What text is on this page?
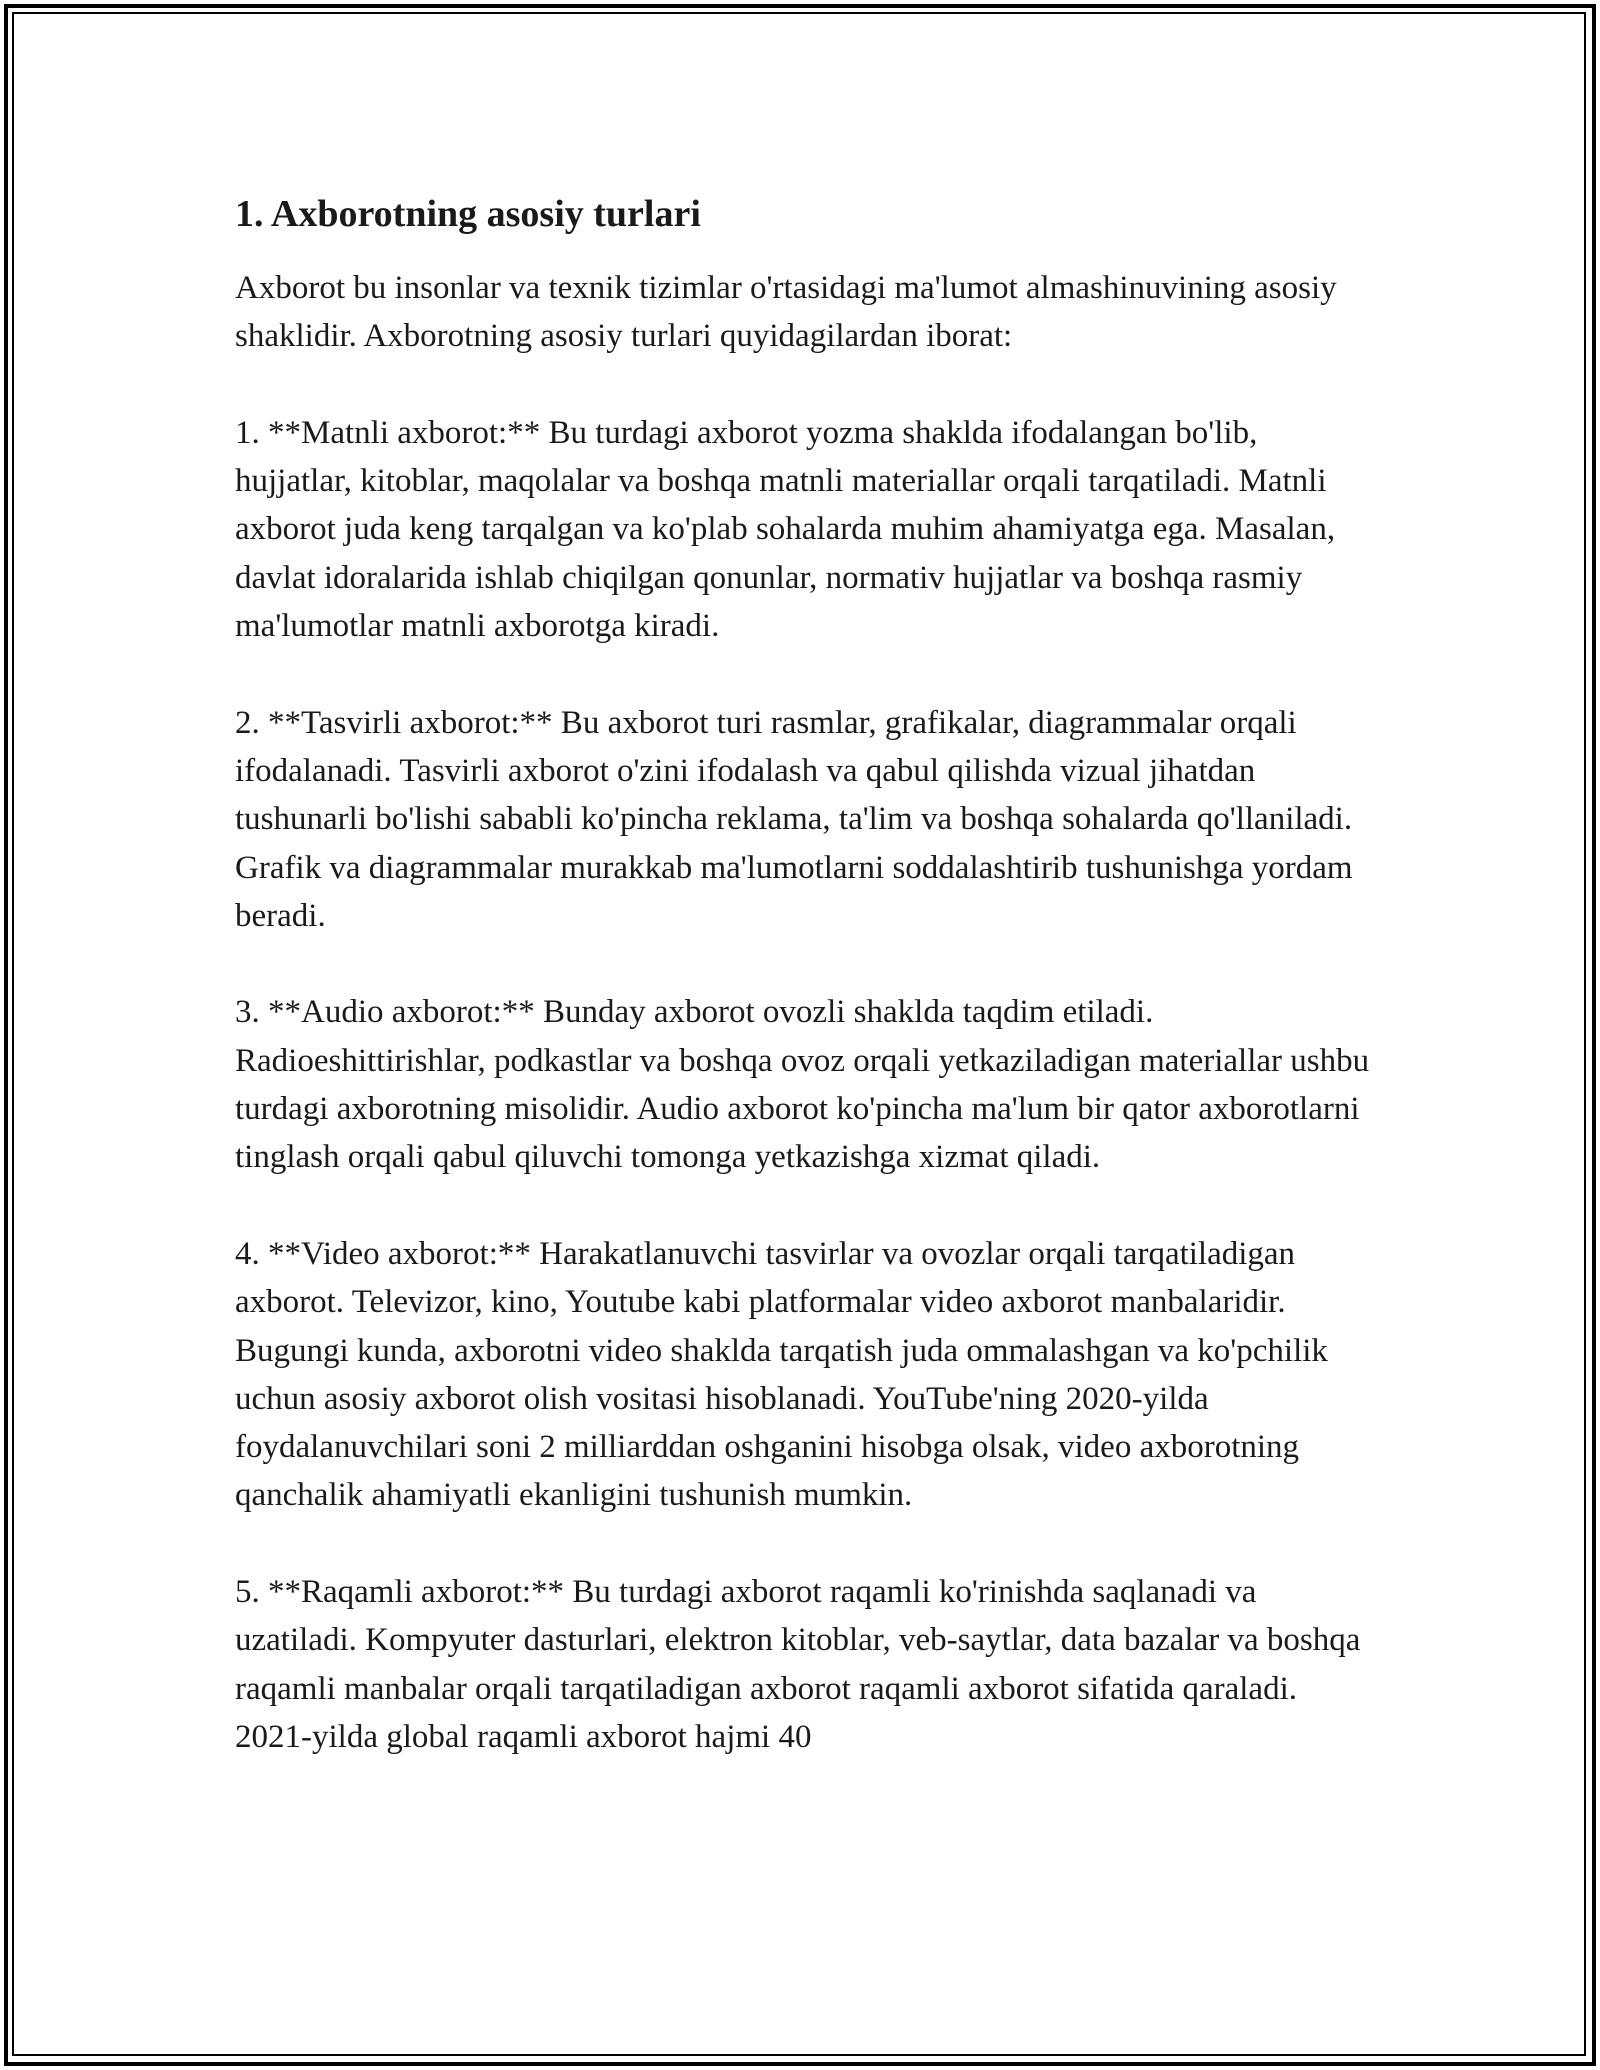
1. Axborotning asosiy turlari

Axborot bu insonlar va texnik tizimlar o'rtasidagi ma'lumot almashinuvining asosiy shaklidir. Axborotning asosiy turlari quyidagilardan iborat:

1. **Matnli axborot:** Bu turdagi axborot yozma shaklda ifodalangan bo'lib, hujjatlar, kitoblar, maqolalar va boshqa matnli materiallar orqali tarqatiladi. Matnli axborot juda keng tarqalgan va ko'plab sohalarda muhim ahamiyatga ega. Masalan, davlat idoralarida ishlab chiqilgan qonunlar, normativ hujjatlar va boshqa rasmiy ma'lumotlar matnli axborotga kiradi.

2. **Tasvirli axborot:** Bu axborot turi rasmlar, grafikalar, diagrammalar orqali ifodalanadi. Tasvirli axborot o'zini ifodalash va qabul qilishda vizual jihatdan tushunarli bo'lishi sababli ko'pincha reklama, ta'lim va boshqa sohalarda qo'llaniladi. Grafik va diagrammalar murakkab ma'lumotlarni soddalashtirib tushunishga yordam beradi.

3. **Audio axborot:** Bunday axborot ovozli shaklda taqdim etiladi. Radioeshittirishlar, podkastlar va boshqa ovoz orqali yetkaziladigan materiallar ushbu turdagi axborotning misolidir. Audio axborot ko'pincha ma'lum bir qator axborotlarni tinglash orqali qabul qiluvchi tomonga yetkazishga xizmat qiladi.

4. **Video axborot:** Harakatlanuvchi tasvirlar va ovozlar orqali tarqatiladigan axborot. Televizor, kino, Youtube kabi platformalar video axborot manbalaridir. Bugungi kunda, axborotni video shaklda tarqatish juda ommalashgan va ko'pchilik uchun asosiy axborot olish vositasi hisoblanadi. YouTube'ning 2020-yilda foydalanuvchilari soni 2 milliarddan oshganini hisobga olsak, video axborotning qanchalik ahamiyatli ekanligini tushunish mumkin.

5. **Raqamli axborot:** Bu turdagi axborot raqamli ko'rinishda saqlanadi va uzatiladi. Kompyuter dasturlari, elektron kitoblar, veb-saytlar, data bazalar va boshqa raqamli manbalar orqali tarqatiladigan axborot raqamli axborot sifatida qaraladi. 2021-yilda global raqamli axborot hajmi 40
